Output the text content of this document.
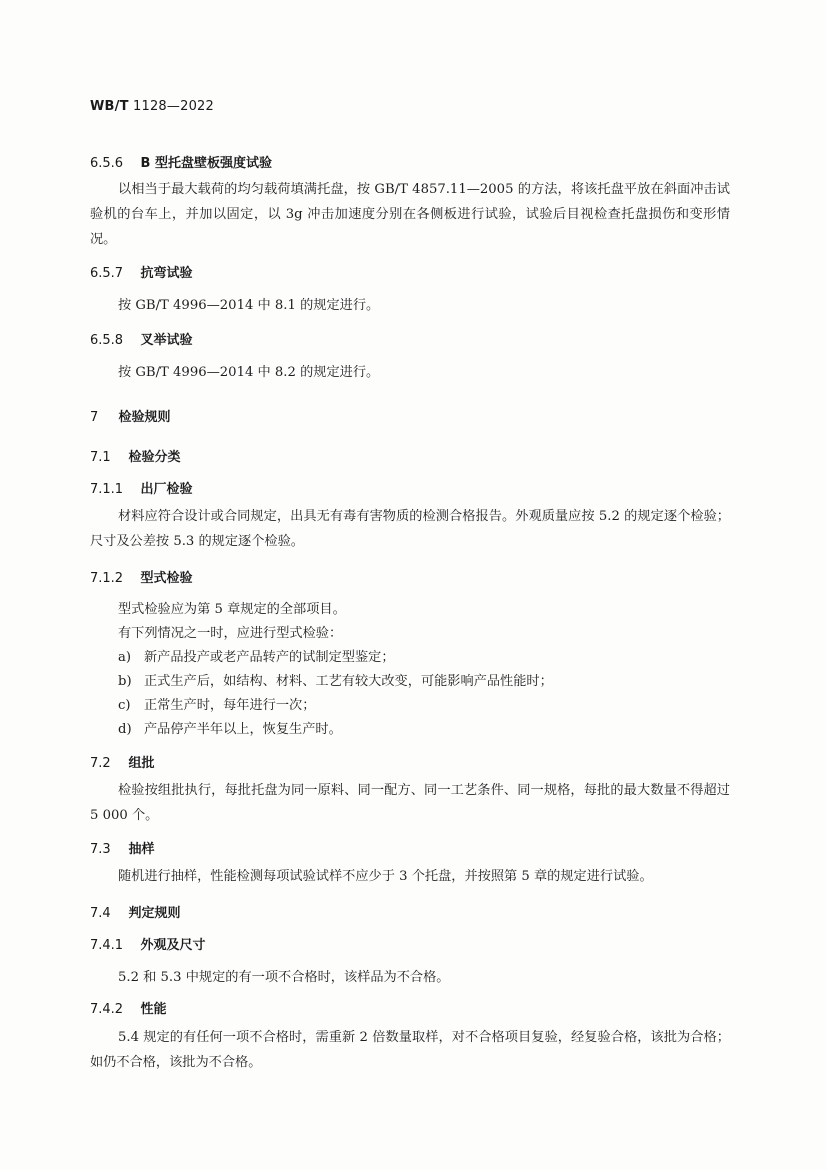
WB/T 1128—2022
6.5.6 B 型托盘壁板强度试验

以相当于最大载荷的均匀载荷填满托盘，按 GB/T 4857.11—2005 的方法，将该托盘平放在斜面冲击试验机的台车上，并加以固定，以 3g 冲击加速度分别在各侧板进行试验，试验后目视检查托盘损伤和变形情况。

6.5.7 抗弯试验
按 GB/T 4996—2014 中 8.1 的规定进行。
6.5.8 叉举试验
按 GB/T 4996—2014 中 8.2 的规定进行。
7 检验规则
7.1 检验分类
7.1.1 出厂检验

材料应符合设计或合同规定，出具无有毒有害物质的检测合格报告。外观质量应按 5.2 的规定逐个检验；尺寸及公差按 5.3 的规定逐个检验。

7.1.2 型式检验
型式检验应为第 5 章规定的全部项目。
有下列情况之一时，应进行型式检验：
a) 新产品投产或老产品转产的试制定型鉴定；
b) 正式生产后，如结构、材料、工艺有较大改变，可能影响产品性能时；
c) 正常生产时，每年进行一次；
d) 产品停产半年以上，恢复生产时。
7.2 组批

检验按组批执行，每批托盘为同一原料、同一配方、同一工艺条件、同一规格，每批的最大数量不得超过 5 000 个。

7.3 抽样

随机进行抽样，性能检测每项试验试样不应少于 3 个托盘，并按照第 5 章的规定进行试验。

7.4 判定规则
7.4.1 外观及尺寸
5.2 和 5.3 中规定的有一项不合格时，该样品为不合格。
7.4.2 性能

5.4 规定的有任何一项不合格时，需重新 2 倍数量取样，对不合格项目复验，经复验合格，该批为合格；如仍不合格，该批为不合格。
